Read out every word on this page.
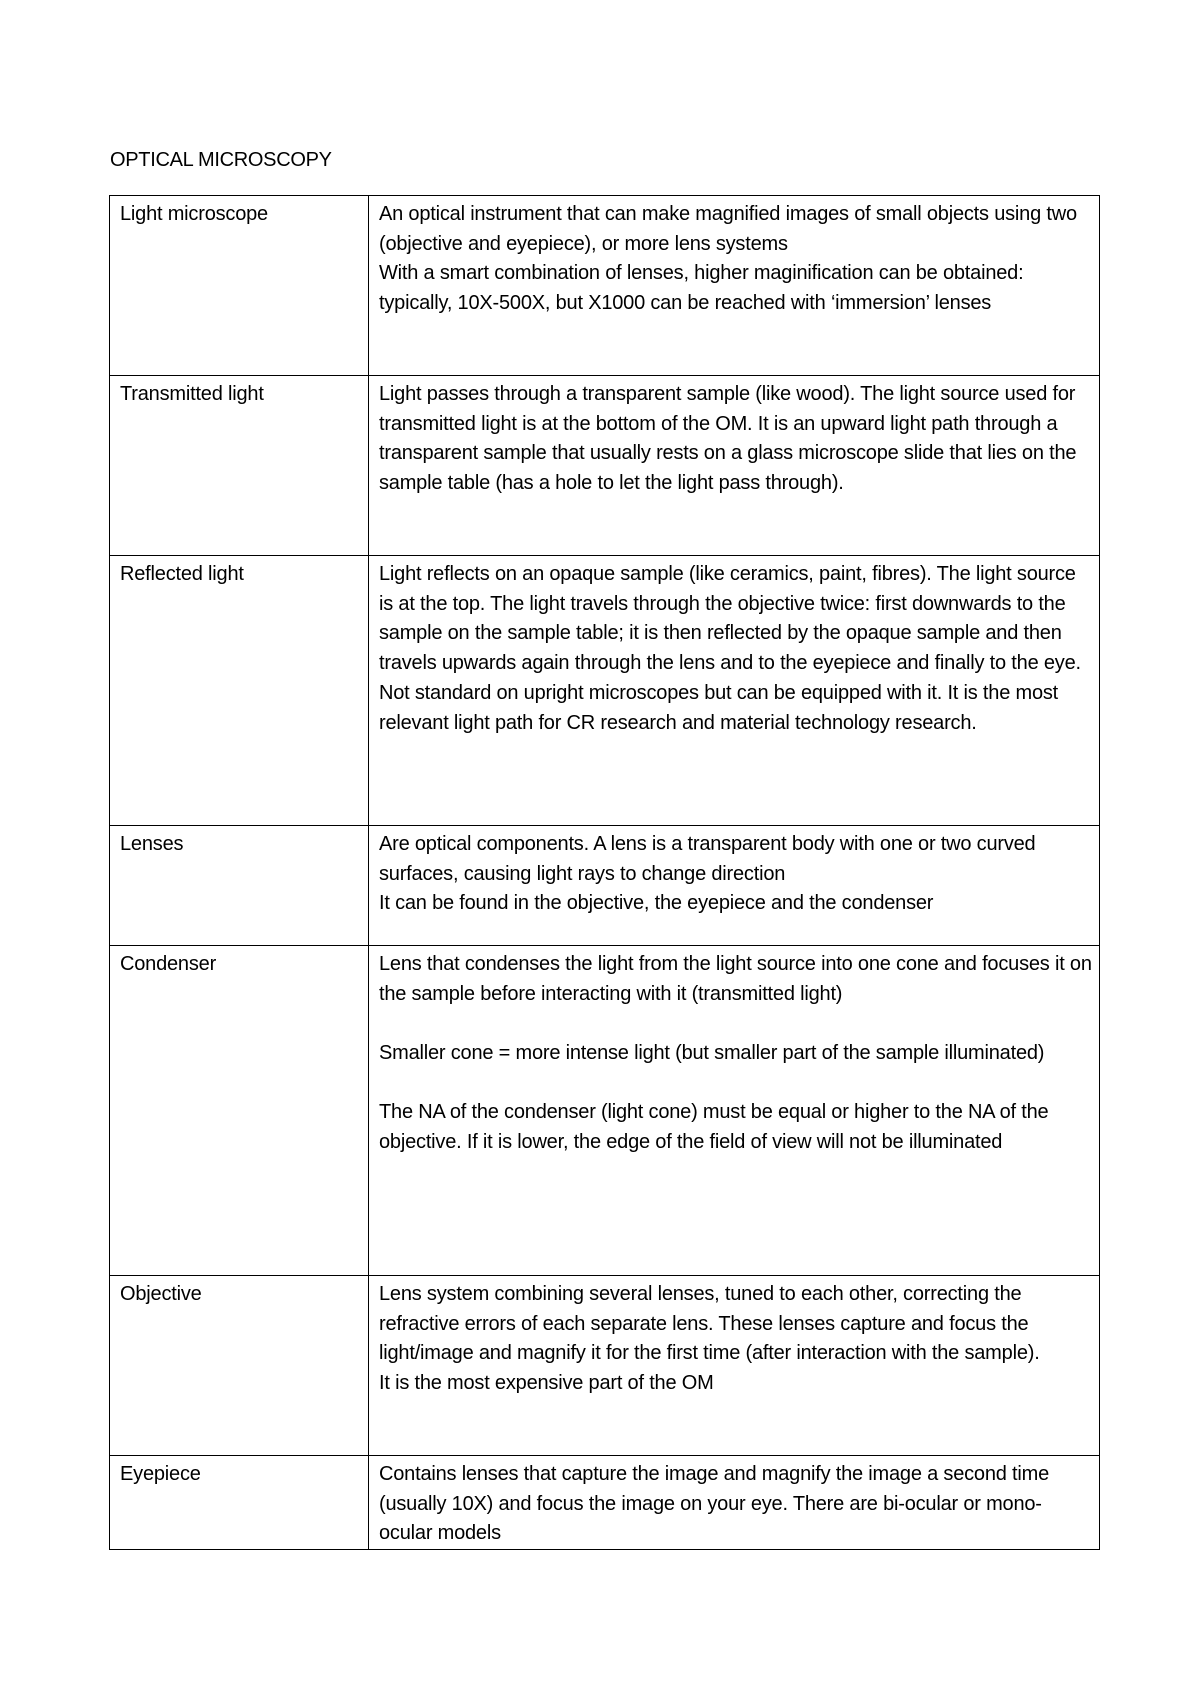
OPTICAL MICROSCOPY
Light microscope	An optical instrument that can make magnified images of small objects using two (objective and eyepiece), or more lens systems
With a smart combination of lenses, higher maginification can be obtained: typically, 10X-500X, but X1000 can be reached with ‘immersion’ lenses

Transmitted light	Light passes through a transparent sample (like wood). The light source used for transmitted light is at the bottom of the OM. It is an upward light path through a transparent sample that usually rests on a glass microscope slide that lies on the sample table (has a hole to let the light pass through).

Reflected light	Light reflects on an opaque sample (like ceramics, paint, fibres). The light source is at the top. The light travels through the objective twice: first downwards to the sample on the sample table; it is then reflected by the opaque sample and then travels upwards again through the lens and to the eyepiece and finally to the eye.
Not standard on upright microscopes but can be equipped with it. It is the most relevant light path for CR research and material technology research.

Lenses	Are optical components. A lens is a transparent body with one or two curved surfaces, causing light rays to change direction
It can be found in the objective, the eyepiece and the condenser

Condenser	Lens that condenses the light from the light source into one cone and focuses it on the sample before interacting with it (transmitted light)
Smaller cone = more intense light (but smaller part of the sample illuminated)
The NA of the condenser (light cone) must be equal or higher to the NA of the objective. If it is lower, the edge of the field of view will not be illuminated

Objective	Lens system combining several lenses, tuned to each other, correcting the refractive errors of each separate lens. These lenses capture and focus the light/image and magnify it for the first time (after interaction with the sample).
It is the most expensive part of the OM

Eyepiece	Contains lenses that capture the image and magnify the image a second time (usually 10X) and focus the image on your eye. There are bi-ocular or mono-ocular models
